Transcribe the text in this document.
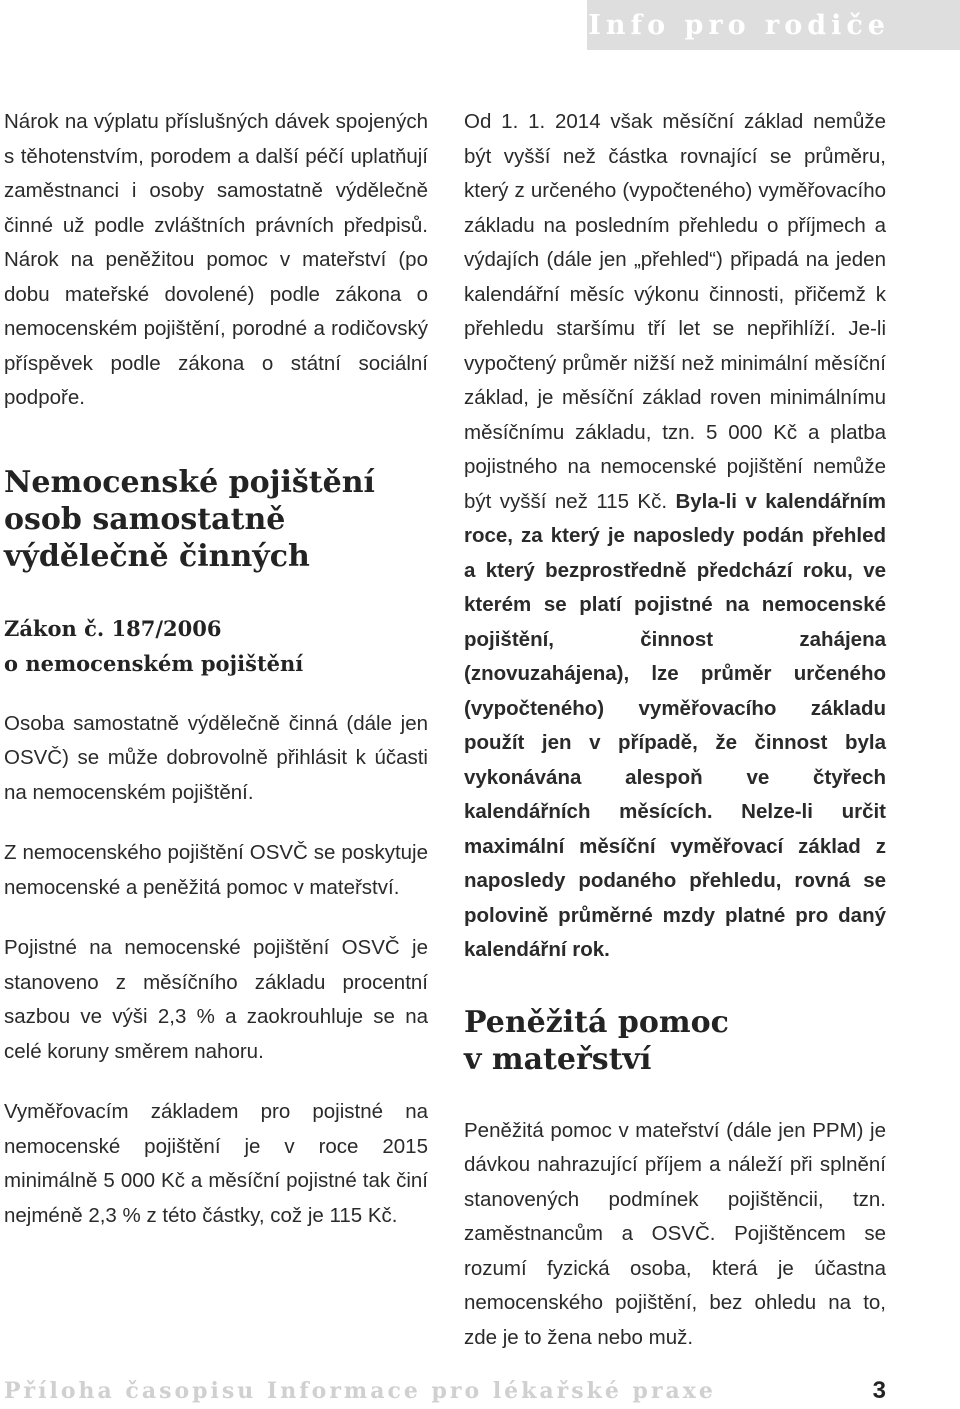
Info pro rodiče

Nárok na výplatu příslušných dávek spojených s těhotenstvím, porodem a další péčí uplatňují zaměstnanci i osoby samostatně výdělečně činné už podle zvláštních právních předpisů. Nárok na peněžitou pomoc v mateřství (po dobu mateřské dovolené) podle zákona o nemocenském pojištění, porodné a rodičovský příspěvek podle zákona o státní sociální podpoře.

Nemocenské pojištění
osob samostatně
výdělečně činných
Zákon č. 187/2006
o nemocenském pojištění

Osoba samostatně výdělečně činná (dále jen OSVČ) se může dobrovolně přihlásit k účasti na nemocenském pojištění.

Z nemocenského pojištění OSVČ se poskytuje nemocenské a peněžitá pomoc v mateřství.

Pojistné na nemocenské pojištění OSVČ je stanoveno z měsíčního základu procentní sazbou ve výši 2,3 % a zaokrouhluje se na celé koruny směrem nahoru.

Vyměřovacím základem pro pojistné na nemocenské pojištění je v roce 2015 minimálně 5 000 Kč a měsíční pojistné tak činí nejméně 2,3 % z této částky, což je 115 Kč.

Od 1. 1. 2014 však měsíční základ nemůže být vyšší než částka rovnající se průměru, který z určeného (vypočteného) vyměřovacího základu na posledním přehledu o příjmech a výdajích (dále jen „přehled“) připadá na jeden kalendářní měsíc výkonu činnosti, přičemž k přehledu staršímu tří let se nepřihlíží. Je-li vypočtený průměr nižší než minimální měsíční základ, je měsíční základ roven minimálnímu měsíčnímu základu, tzn. 5 000 Kč a platba pojistného na nemocenské pojištění nemůže být vyšší než 115 Kč. Byla-li v kalendářním roce, za který je naposledy podán přehled a který bezprostředně předchází roku, ve kterém se platí pojistné na nemocenské pojištění, činnost zahájena (znovuzahájena), lze průměr určeného (vypočteného) vyměřovacího základu použít jen v případě, že činnost byla vykonávána alespoň ve čtyřech kalendářních měsících. Nelze-li určit maximální měsíční vyměřovací základ z naposledy podaného přehledu, rovná se polovině průměrné mzdy platné pro daný kalendářní rok.

Peněžitá pomoc
v mateřství

Peněžitá pomoc v mateřství (dále jen PPM) je dávkou nahrazující příjem a náleží při splnění stanovených podmínek pojištěncii, tzn. zaměstnancům a OSVČ. Pojištěncem se rozumí fyzická osoba, která je účastna nemocenského pojištění, bez ohledu na to, zde je to žena nebo muž.

Příloha časopisu Informace pro lékařské praxe	3
